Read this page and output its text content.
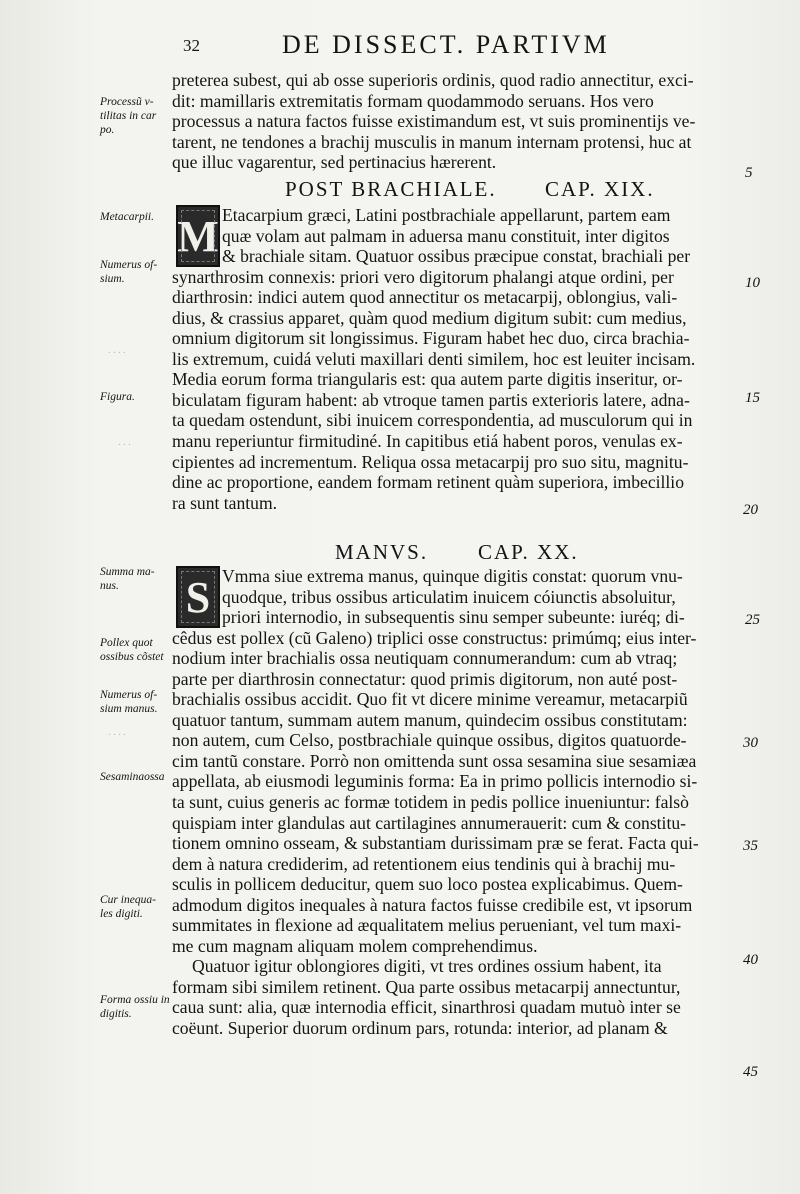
32	DE DISSECT. PARTIVM
· · · ·
· · ·
· · · ·
Processũ v- tilitas in car po.
Metacarpii.
Numerus of- sium.
Figura.
Summa ma- nus.
Pollex quot ossibus cõstet
Numerus of- sium manus.
Sesaminaossa
Cur inequa- les digiti.
Forma ossiu in digitis.
5
10
15
20
25
30
35
40
45
preterea subest, qui ab osse superioris ordinis, quod radio annectitur, exci-
dit: mamillaris extremitatis formam quodammodo seruans. Hos vero
processus a natura factos fuisse existimandum est, vt suis prominentijs ve-
tarent, ne tendones a brachij musculis in manum internam protensi, huc at
que illuc vagarentur, sed pertinacius hærerent.
POST BRACHIALE. CAP. XIX.
M Etacarpium græci, Latini postbrachiale appellarunt, partem eam
quæ volam aut palmam in aduersa manu constituit, inter digitos
& brachiale sitam. Quatuor ossibus præcipue constat, brachiali per
synarthrosim connexis: priori vero digitorum phalangi atque ordini, per
diarthrosin: indici autem quod annectitur os metacarpij, oblongius, vali-
dius, & crassius apparet, quàm quod medium digitum subit: cum medius,
omnium digitorum sit longissimus. Figuram habet hec duo, circa brachia-
lis extremum, cuidá veluti maxillari denti similem, hoc est leuiter incisam.
Media eorum forma triangularis est: qua autem parte digitis inseritur, or-
biculatam figuram habent: ab vtroque tamen partis exterioris latere, adna-
ta quedam ostendunt, sibi inuicem correspondentia, ad musculorum qui in
manu reperiuntur firmitudiné. In capitibus etiá habent poros, venulas ex-
cipientes ad incrementum. Reliqua ossa metacarpij pro suo situ, magnitu-
dine ac proportione, eandem formam retinent quàm superiora, imbecillio
ra sunt tantum.
MANVS. CAP. XX.
S Vmma siue extrema manus, quinque digitis constat: quorum vnu-
quodque, tribus ossibus articulatim inuicem cóiunctis absoluitur,
priori internodio, in subsequentis sinu semper subeunte: iuréq; di-
cêdus est pollex (cũ Galeno) triplici osse constructus: primúmq; eius inter-
nodium inter brachialis ossa neutiquam connumerandum: cum ab vtraq;
parte per diarthrosin connectatur: quod primis digitorum, non auté post-
brachialis ossibus accidit. Quo fit vt dicere minime vereamur, metacarpiũ
quatuor tantum, summam autem manum, quindecim ossibus constitutam:
non autem, cum Celso, postbrachiale quinque ossibus, digitos quatuorde-
cim tantũ constare. Porrò non omittenda sunt ossa sesamina siue sesamiæa
appellata, ab eiusmodi leguminis forma: Ea in primo pollicis internodio si-
ta sunt, cuius generis ac formæ totidem in pedis pollice inueniuntur: falsò
quispiam inter glandulas aut cartilagines annumerauerit: cum & constitu-
tionem omnino osseam, & substantiam durissimam præ se ferat. Facta qui-
dem à natura crediderim, ad retentionem eius tendinis qui à brachij mu-
sculis in pollicem deducitur, quem suo loco postea explicabimus. Quem-
admodum digitos inequales à natura factos fuisse credibile est, vt ipsorum
summitates in flexione ad æqualitatem melius perueniant, vel tum maxi-
me cum magnam aliquam molem comprehendimus.
Quatuor igitur oblongiores digiti, vt tres ordines ossium habent, ita
formam sibi similem retinent. Qua parte ossibus metacarpij annectuntur,
caua sunt: alia, quæ internodia efficit, sinarthrosi quadam mutuò inter se
coëunt. Superior duorum ordinum pars, rotunda: interior, ad planam &
